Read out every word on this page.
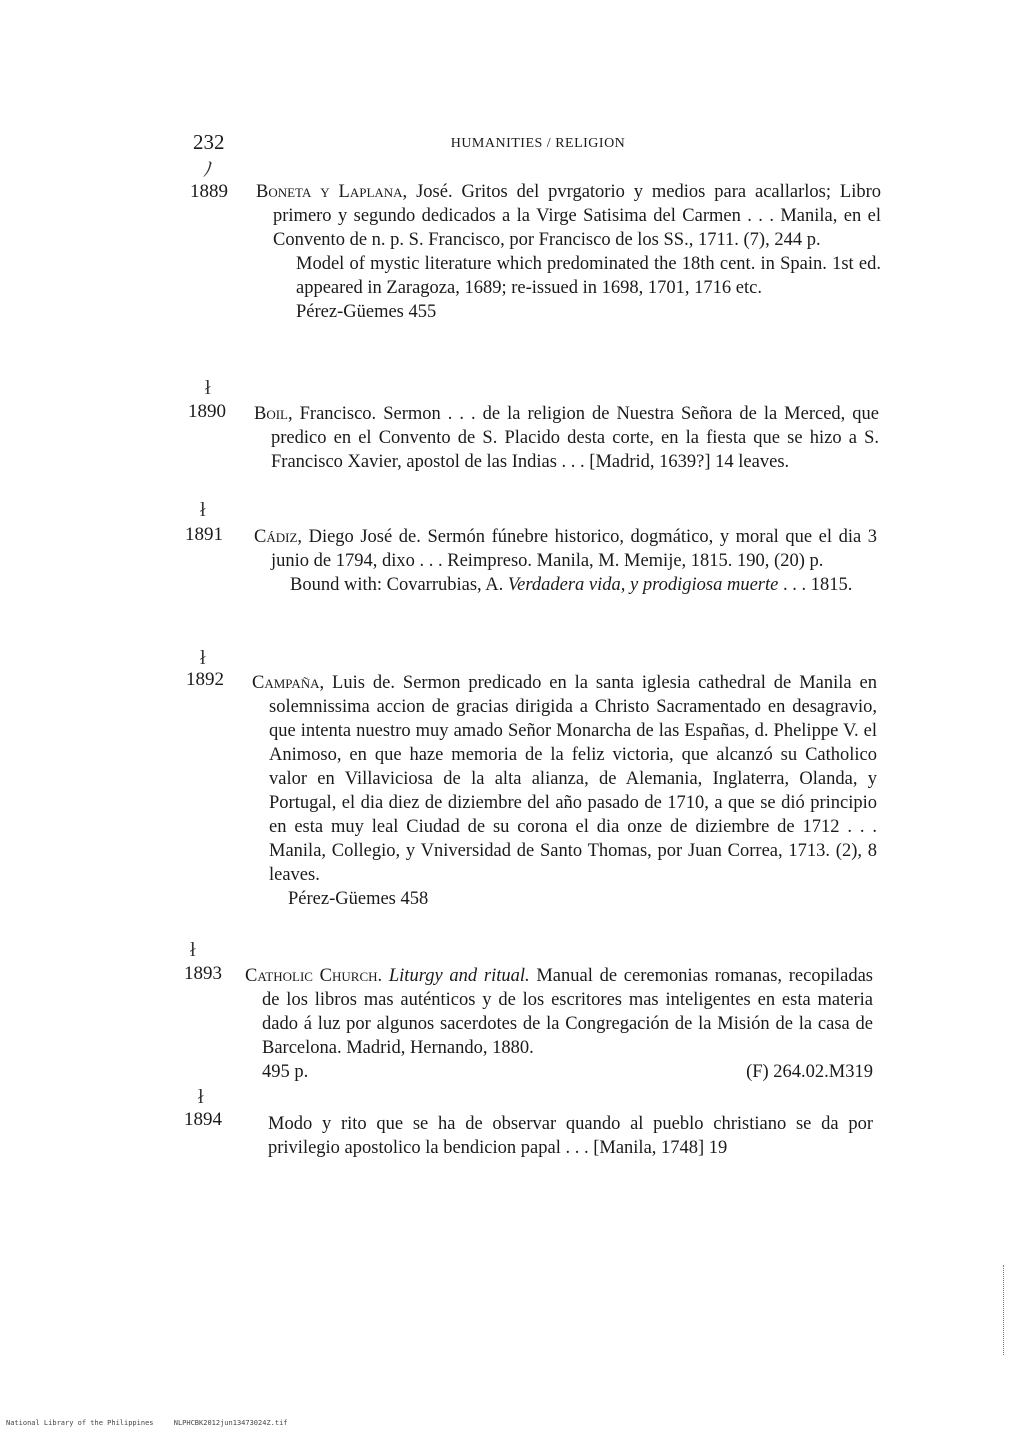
232	HUMANITIES / RELIGION
ﾉ
1889 Boneta y Laplana, José. Gritos del pvrgatorio y medios para acallarlos; Libro primero y segundo dedicados a la Virge Satisima del Carmen . . . Manila, en el Convento de n. p. S. Francisco, por Francisco de los SS., 1711. (7), 244 p.
Model of mystic literature which predominated the 18th cent. in Spain. 1st ed. appeared in Zaragoza, 1689; re-issued in 1698, 1701, 1716 etc.
Pérez-Güemes 455
ł
1890 Boil, Francisco. Sermon . . . de la religion de Nuestra Señora de la Merced, que predico en el Convento de S. Placido desta corte, en la fiesta que se hizo a S. Francisco Xavier, apostol de las Indias . . . [Madrid, 1639?] 14 leaves.
ł
1891 Cádiz, Diego José de. Sermón fúnebre historico, dogmático, y moral que el dia 3 junio de 1794, dixo . . . Reimpreso. Manila, M. Memije, 1815. 190, (20) p.
Bound with: Covarrubias, A. Verdadera vida, y prodigiosa muerte . . . 1815.
ł
1892 Campaña, Luis de. Sermon predicado en la santa iglesia cathedral de Manila en solemnissima accion de gracias dirigida a Christo Sacramentado en desagravio, que intenta nuestro muy amado Señor Monarcha de las Españas, d. Phelippe V. el Animoso, en que haze memoria de la feliz victoria, que alcanzó su Catholico valor en Villaviciosa de la alta alianza, de Alemania, Inglaterra, Olanda, y Portugal, el dia diez de diziembre del año pasado de 1710, a que se dió principio en esta muy leal Ciudad de su corona el dia onze de diziembre de 1712 . . . Manila, Collegio, y Vniversidad de Santo Thomas, por Juan Correa, 1713. (2), 8 leaves.
Pérez-Güemes 458
ł
1893 Catholic Church. Liturgy and ritual. Manual de ceremonias romanas, recopiladas de los libros mas auténticos y de los escritores mas inteligentes en esta materia dado á luz por algunos sacerdotes de la Congregación de la Misión de la casa de Barcelona. Madrid, Hernando, 1880.
495 p.	(F) 264.02.M319
ł
1894 Modo y rito que se ha de observar quando al pueblo christiano se da por privilegio apostolico la bendicion papal . . . [Manila, 1748] 19
National Library of the Philippines	NLPHCBK2012jun13473024Z.tif
